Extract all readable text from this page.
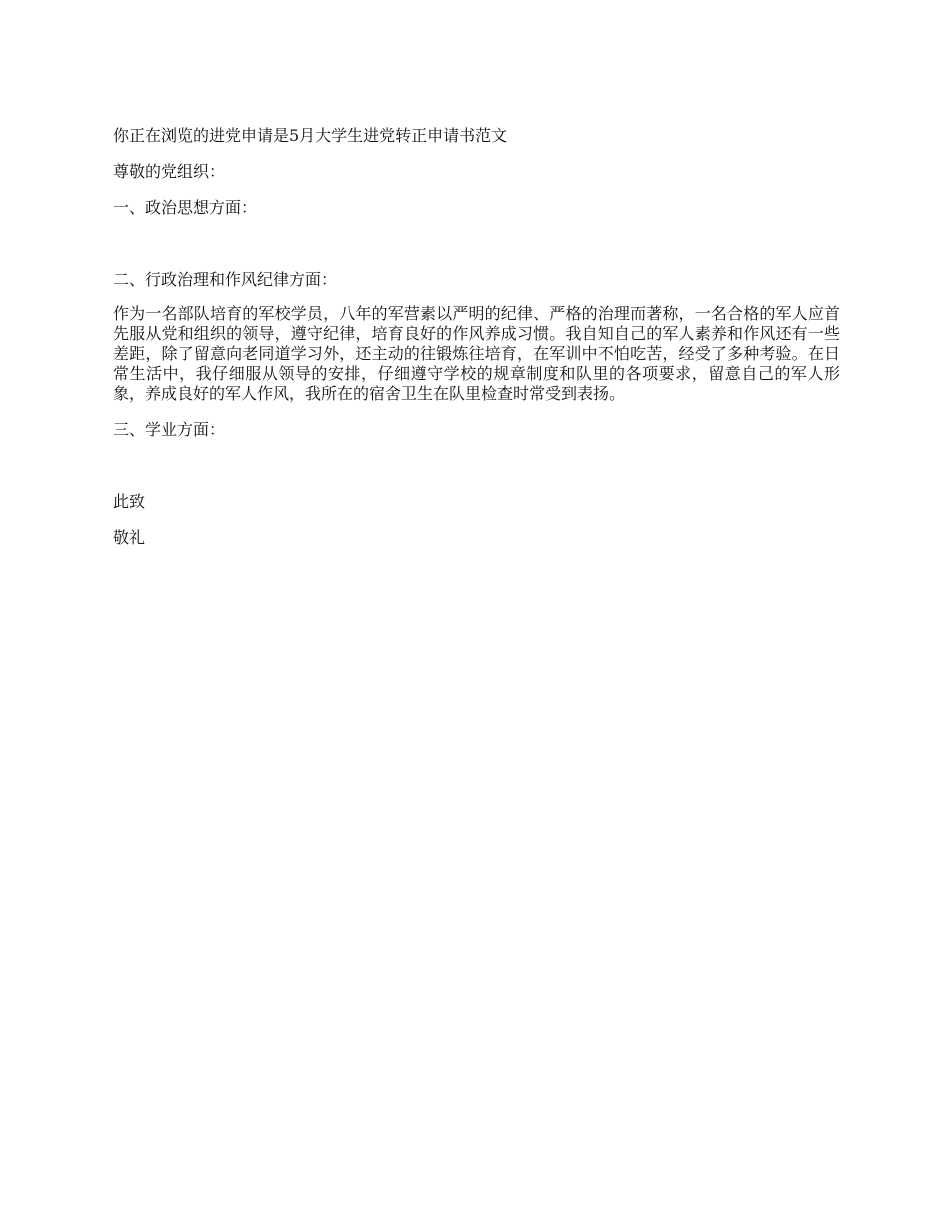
你正在浏览的进党申请是5月大学生进党转正申请书范文

尊敬的党组织：

一、政治思想方面：

二、行政治理和作风纪律方面：

作为一名部队培育的军校学员，八年的军营素以严明的纪律、严格的治理而著称，一名合格的军人应首先服从党和组织的领导，遵守纪律，培育良好的作风养成习惯。我自知自己的军人素养和作风还有一些差距，除了留意向老同道学习外，还主动的往锻炼往培育，在军训中不怕吃苦，经受了多种考验。在日常生活中，我仔细服从领导的安排，仔细遵守学校的规章制度和队里的各项要求，留意自己的军人形象，养成良好的军人作风，我所在的宿舍卫生在队里检查时常受到表扬。

三、学业方面：

此致

敬礼
